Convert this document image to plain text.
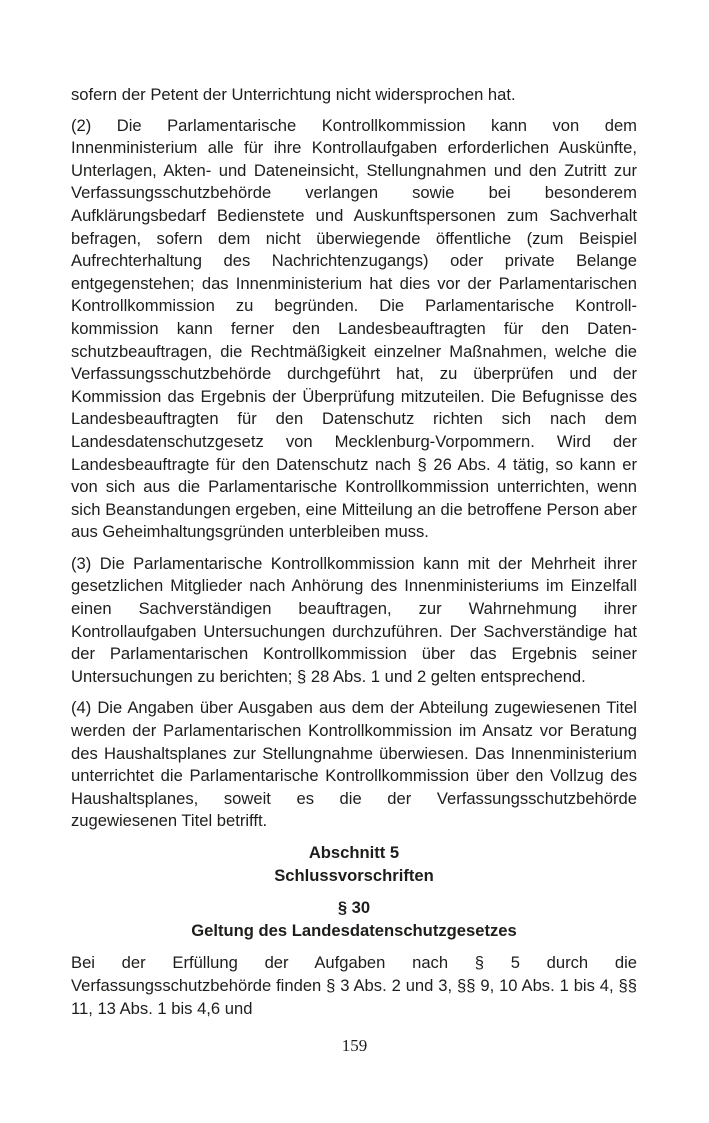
sofern der Petent der Unterrichtung nicht widersprochen hat.

(2) Die Parlamentarische Kontrollkommission kann von dem Innenministerium alle für ihre Kontrollaufgaben erforderlichen Auskünfte, Unterlagen, Akten- und Dateneinsicht, Stellungnahmen und den Zutritt zur Verfassungsschutzbehörde verlangen sowie bei besonderem Aufklärungsbedarf Bedienstete und Auskunftspersonen zum Sachverhalt befragen, sofern dem nicht überwiegende öffentliche (zum Beispiel Aufrechterhaltung des Nachrichtenzugangs) oder private Belange entgegenstehen; das Innenministerium hat dies vor der Parlamentarischen Kontrollkommission zu begründen. Die Parlamentarische Kontrollkommission kann ferner den Landesbeauftragten für den Datenschutzbeauftragen, die Rechtmäßigkeit einzelner Maßnahmen, welche die Verfassungsschutzbehörde durchgeführt hat, zu überprüfen und der Kommission das Ergebnis der Überprüfung mitzuteilen. Die Befugnisse des Landesbeauftragten für den Datenschutz richten sich nach dem Landesdatenschutzgesetz von Mecklenburg-Vorpommern. Wird der Landesbeauftragte für den Datenschutz nach § 26 Abs. 4 tätig, so kann er von sich aus die Parlamentarische Kontrollkommission unterrichten, wenn sich Beanstandungen ergeben, eine Mitteilung an die betroffene Person aber aus Geheimhaltungsgründen unterbleiben muss.

(3) Die Parlamentarische Kontrollkommission kann mit der Mehrheit ihrer gesetzlichen Mitglieder nach Anhörung des Innenministeriums im Einzelfall einen Sachverständigen beauftragen, zur Wahrnehmung ihrer Kontrollaufgaben Untersuchungen durchzuführen. Der Sachverständige hat der Parlamentarischen Kontrollkommission über das Ergebnis seiner Untersuchungen zu berichten; § 28 Abs. 1 und 2 gelten entsprechend.

(4) Die Angaben über Ausgaben aus dem der Abteilung zugewiesenen Titel werden der Parlamentarischen Kontrollkommission im Ansatz vor Beratung des Haushaltsplanes zur Stellungnahme überwiesen. Das Innenministerium unterrichtet die Parlamentarische Kontrollkommission über den Vollzug des Haushaltsplanes, soweit es die der Verfassungsschutzbehörde zugewiesenen Titel betrifft.

Abschnitt 5
Schlussvorschriften
§ 30
Geltung des Landesdatenschutzgesetzes

Bei der Erfüllung der Aufgaben nach § 5 durch die Verfassungsschutzbehörde finden § 3 Abs. 2 und 3, §§ 9, 10 Abs. 1 bis 4, §§ 11, 13 Abs. 1 bis 4,6 und

159
